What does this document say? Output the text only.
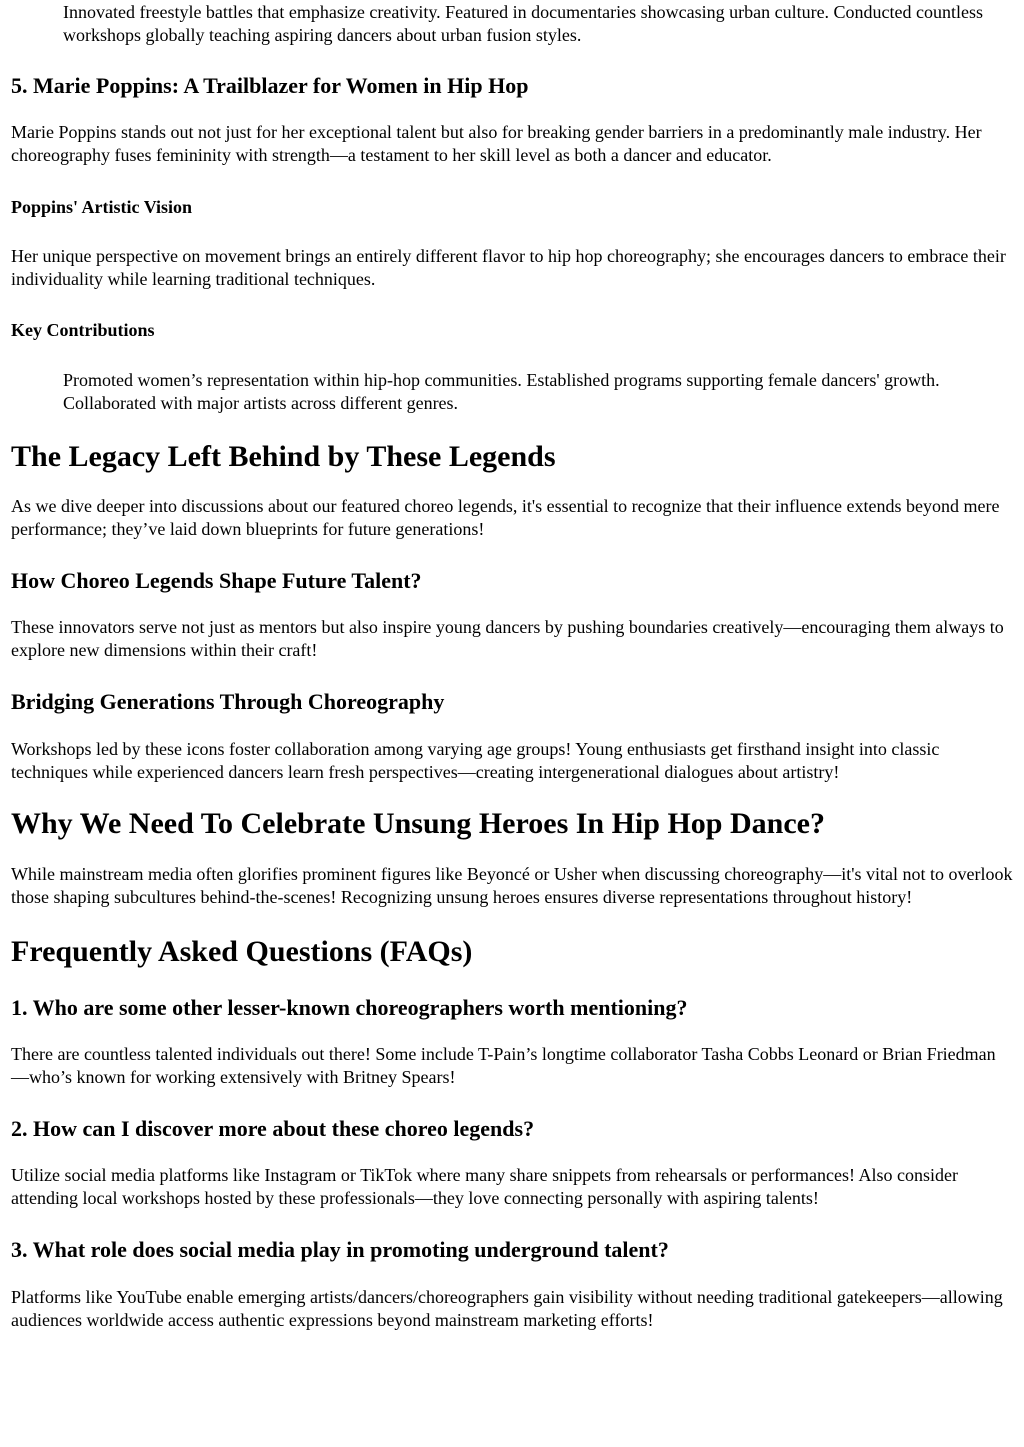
Innovated freestyle battles that emphasize creativity. Featured in documentaries showcasing urban culture. Conducted countless workshops globally teaching aspiring dancers about urban fusion styles.

5. Marie Poppins: A Trailblazer for Women in Hip Hop

Marie Poppins stands out not just for her exceptional talent but also for breaking gender barriers in a predominantly male industry. Her choreography fuses femininity with strength—a testament to her skill level as both a dancer and educator.

Poppins' Artistic Vision

Her unique perspective on movement brings an entirely different flavor to hip hop choreography; she encourages dancers to embrace their individuality while learning traditional techniques.

Key Contributions

Promoted women’s representation within hip-hop communities. Established programs supporting female dancers' growth. Collaborated with major artists across different genres.

The Legacy Left Behind by These Legends

As we dive deeper into discussions about our featured choreo legends, it's essential to recognize that their influence extends beyond mere performance; they’ve laid down blueprints for future generations!

How Choreo Legends Shape Future Talent?

These innovators serve not just as mentors but also inspire young dancers by pushing boundaries creatively—encouraging them always to explore new dimensions within their craft!

Bridging Generations Through Choreography

Workshops led by these icons foster collaboration among varying age groups! Young enthusiasts get firsthand insight into classic techniques while experienced dancers learn fresh perspectives—creating intergenerational dialogues about artistry!

Why We Need To Celebrate Unsung Heroes In Hip Hop Dance?

While mainstream media often glorifies prominent figures like Beyoncé or Usher when discussing choreography—it's vital not to overlook those shaping subcultures behind-the-scenes! Recognizing unsung heroes ensures diverse representations throughout history!

Frequently Asked Questions (FAQs)
1. Who are some other lesser-known choreographers worth mentioning?

There are countless talented individuals out there! Some include T-Pain’s longtime collaborator Tasha Cobbs Leonard or Brian Friedman—who’s known for working extensively with Britney Spears!

2. How can I discover more about these choreo legends?

Utilize social media platforms like Instagram or TikTok where many share snippets from rehearsals or performances! Also consider attending local workshops hosted by these professionals—they love connecting personally with aspiring talents!

3. What role does social media play in promoting underground talent?

Platforms like YouTube enable emerging artists/dancers/choreographers gain visibility without needing traditional gatekeepers—allowing audiences worldwide access authentic expressions beyond mainstream marketing efforts!
